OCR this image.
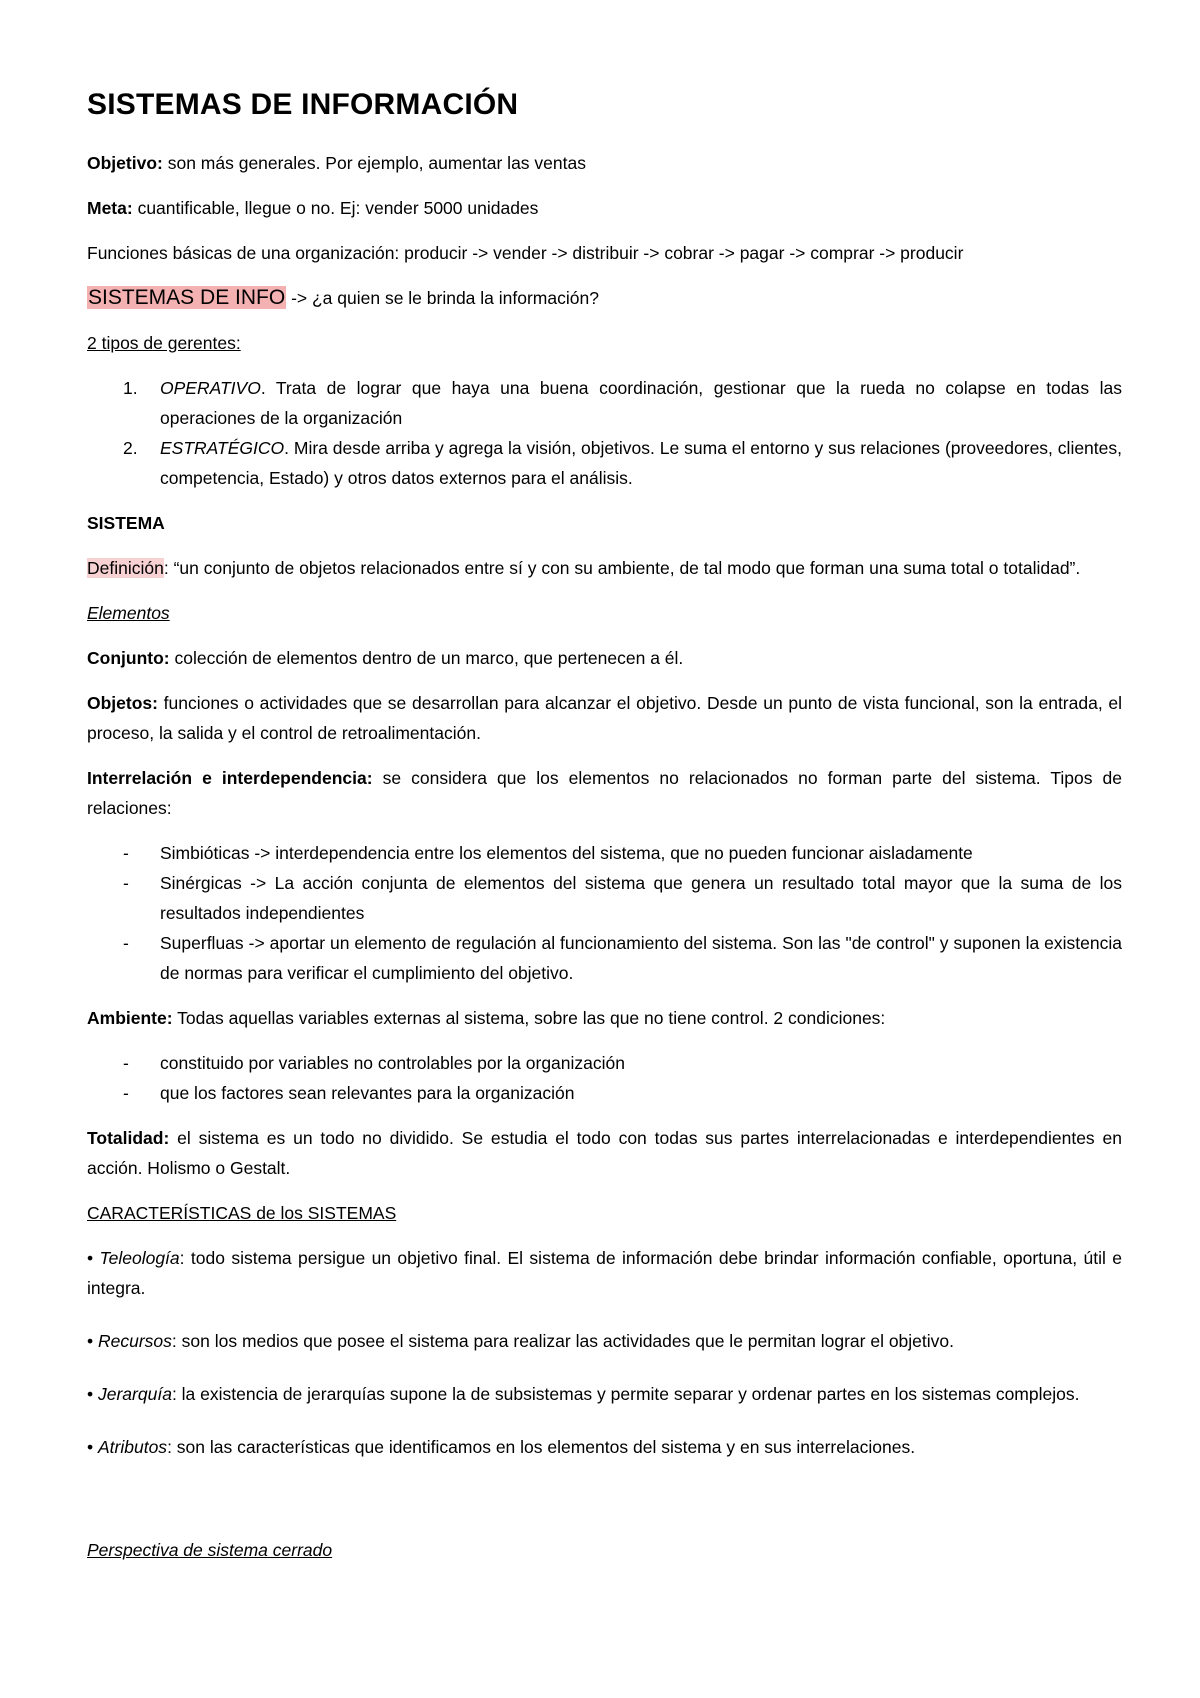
SISTEMAS DE INFORMACIÓN

Objetivo: son más generales. Por ejemplo, aumentar las ventas

Meta: cuantificable, llegue o no. Ej: vender 5000 unidades

Funciones básicas de una organización: producir -> vender -> distribuir -> cobrar -> pagar -> comprar -> producir

SISTEMAS DE INFO -> ¿a quien se le brinda la información?

2 tipos de gerentes:

1. OPERATIVO. Trata de lograr que haya una buena coordinación, gestionar que la rueda no colapse en todas las operaciones de la organización
2. ESTRATÉGICO. Mira desde arriba y agrega la visión, objetivos. Le suma el entorno y sus relaciones (proveedores, clientes, competencia, Estado) y otros datos externos para el análisis.

SISTEMA

Definición: “un conjunto de objetos relacionados entre sí y con su ambiente, de tal modo que forman una suma total o totalidad”.

Elementos

Conjunto: colección de elementos dentro de un marco, que pertenecen a él.

Objetos: funciones o actividades que se desarrollan para alcanzar el objetivo. Desde un punto de vista funcional, son la entrada, el proceso, la salida y el control de retroalimentación.

Interrelación e interdependencia: se considera que los elementos no relacionados no forman parte del sistema. Tipos de relaciones:

- Simbióticas -> interdependencia entre los elementos del sistema, que no pueden funcionar aisladamente
- Sinérgicas -> La acción conjunta de elementos del sistema que genera un resultado total mayor que la suma de los resultados independientes
- Superfluas -> aportar un elemento de regulación al funcionamiento del sistema. Son las "de control" y suponen la existencia de normas para verificar el cumplimiento del objetivo.

Ambiente: Todas aquellas variables externas al sistema, sobre las que no tiene control. 2 condiciones:

- constituido por variables no controlables por la organización
- que los factores sean relevantes para la organización

Totalidad: el sistema es un todo no dividido. Se estudia el todo con todas sus partes interrelacionadas e interdependientes en acción. Holismo o Gestalt.

CARACTERÍSTICAS de los SISTEMAS

• Teleología: todo sistema persigue un objetivo final. El sistema de información debe brindar información confiable, oportuna, útil e integra.

• Recursos: son los medios que posee el sistema para realizar las actividades que le permitan lograr el objetivo.

• Jerarquía: la existencia de jerarquías supone la de subsistemas y permite separar y ordenar partes en los sistemas complejos.

• Atributos: son las características que identificamos en los elementos del sistema y en sus interrelaciones.

Perspectiva de sistema cerrado
